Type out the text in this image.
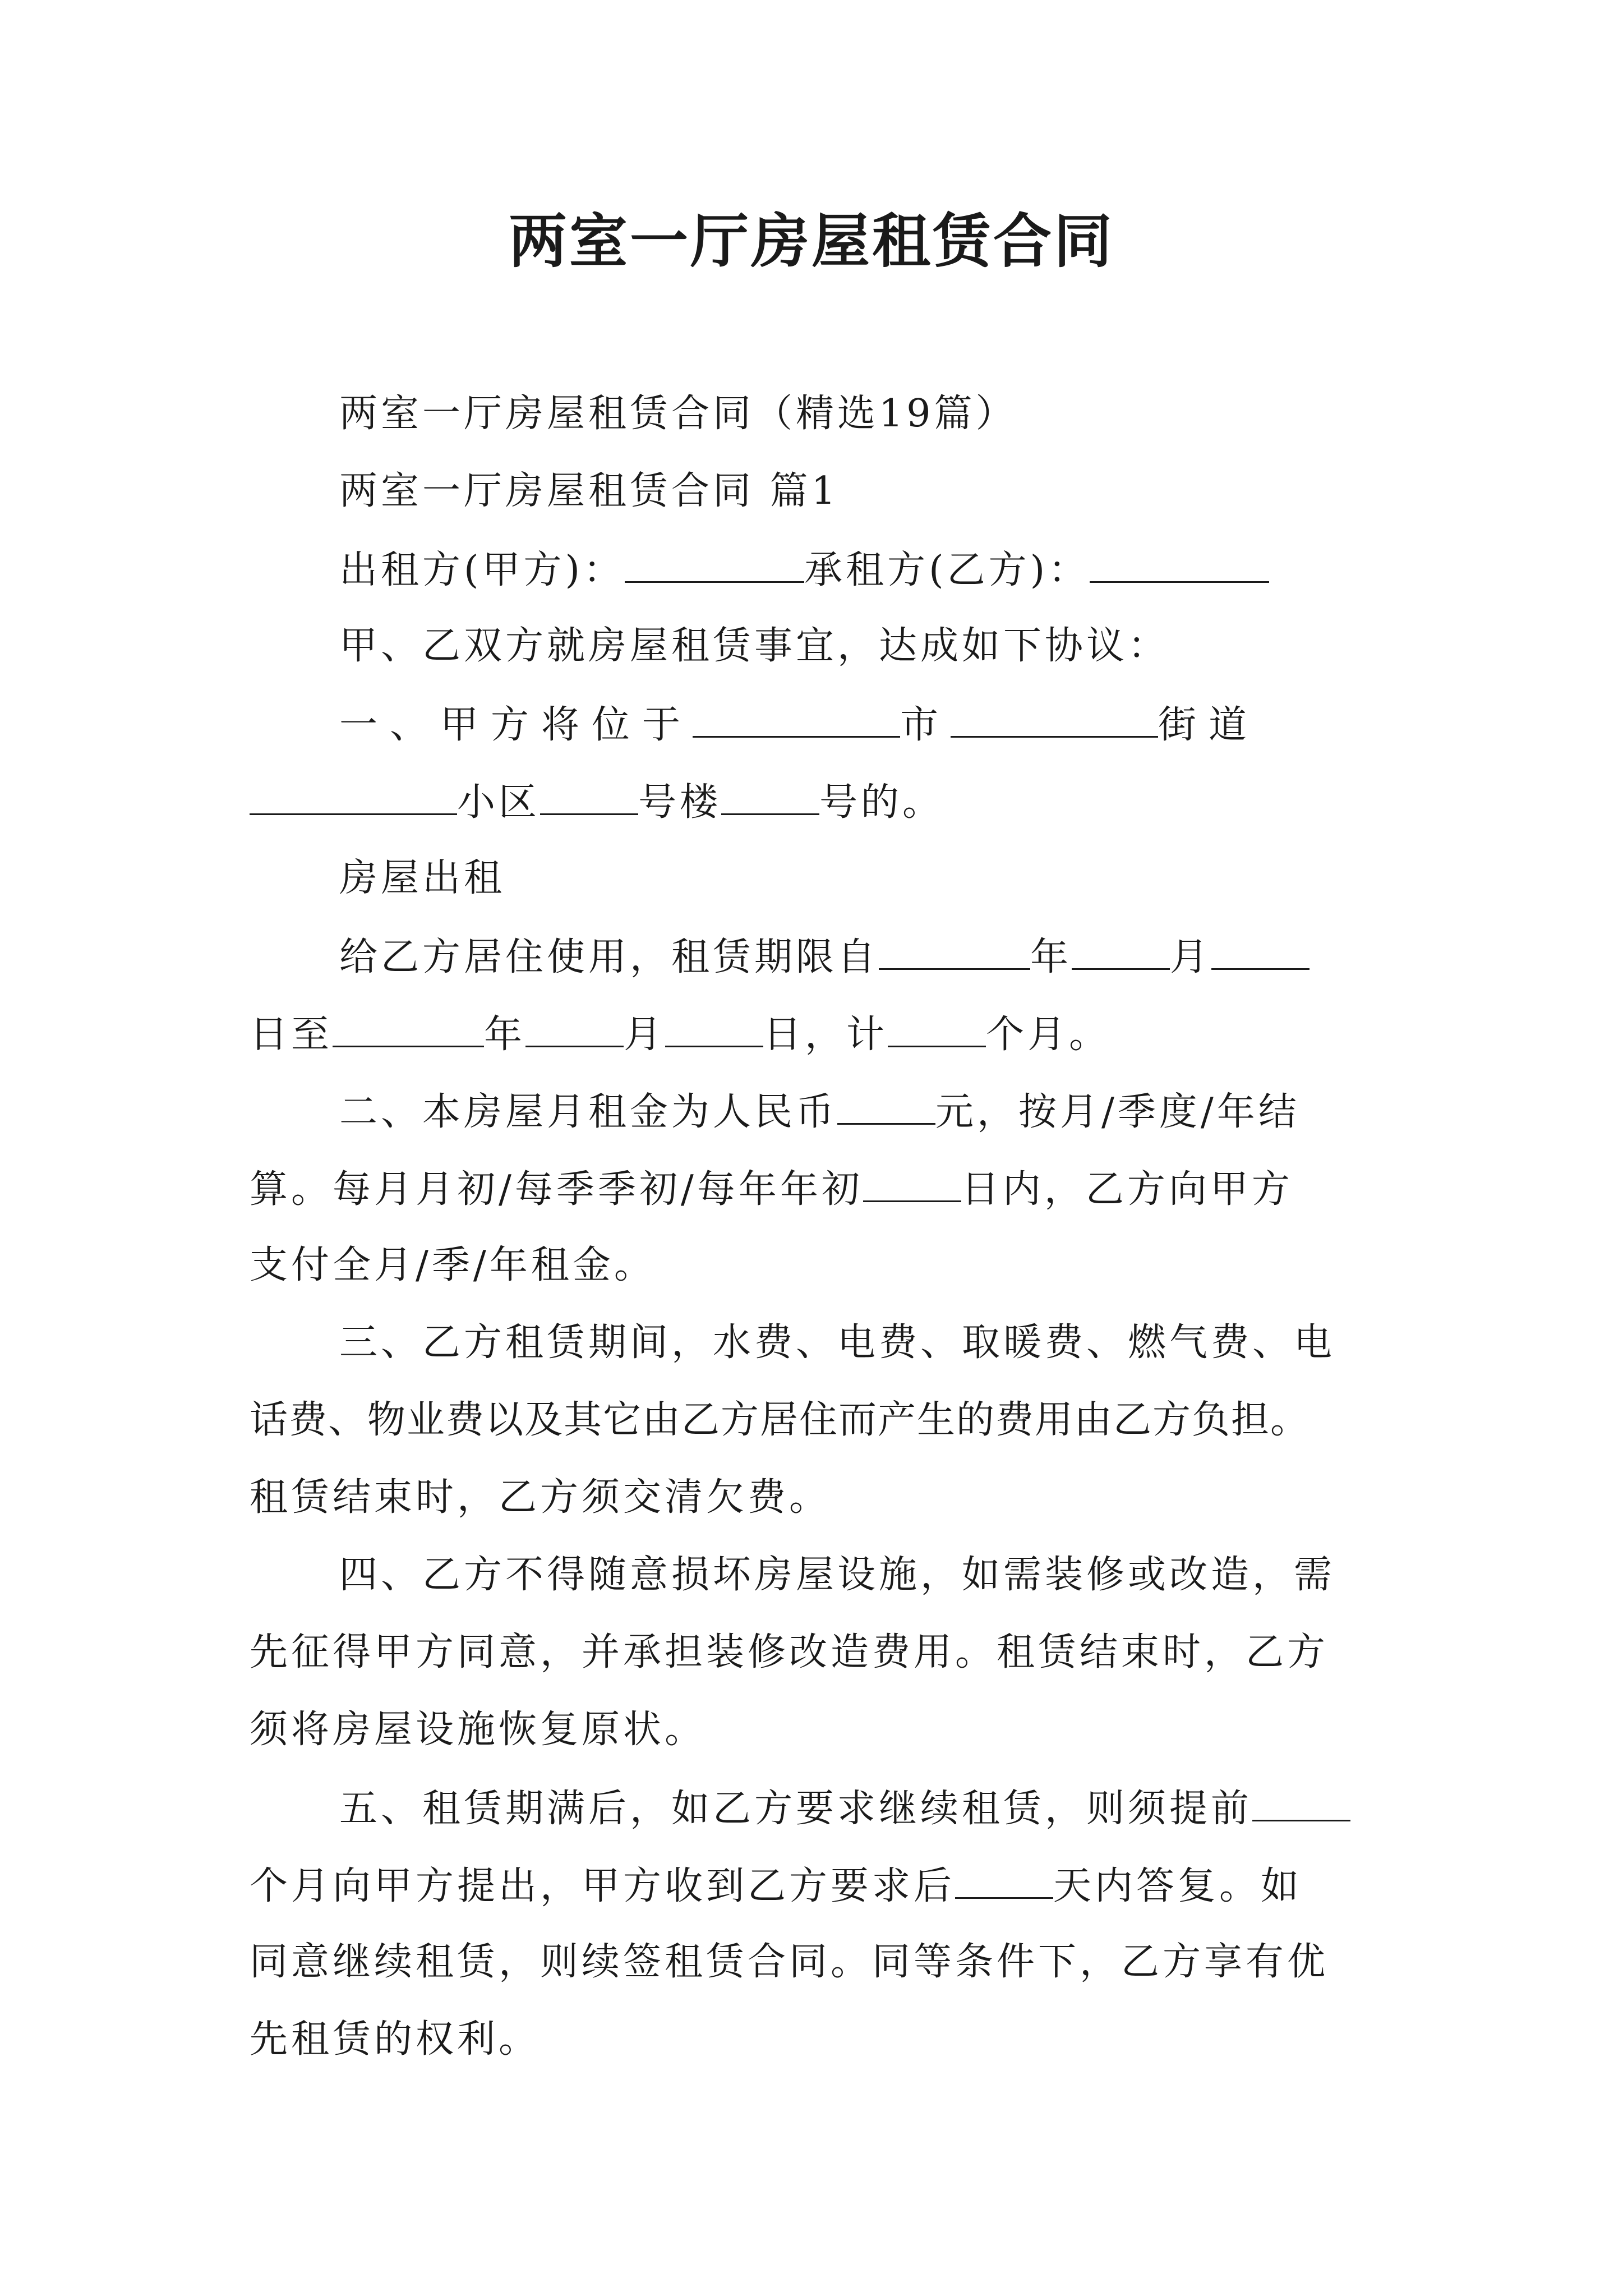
两室一厅房屋租赁合同
两室一厅房屋租赁合同（精选19篇）
两室一厅房屋租赁合同 篇1
出租方(甲方)：	承租方(乙方)：
甲、乙双方就房屋租赁事宜，达成如下协议：
一、甲方将位于	市	街道
小区	号楼	号的。
房屋出租
给乙方居住使用，租赁期限自	年	月
日至	年	月	日，计	个月。
二、本房屋月租金为人民币	元，按月/季度/年结
算。每月月初/每季季初/每年年初	日内，乙方向甲方
支付全月/季/年租金。
三、乙方租赁期间，水费、电费、取暖费、燃气费、电
话费、物业费以及其它由乙方居住而产生的费用由乙方负担。
租赁结束时，乙方须交清欠费。
四、乙方不得随意损坏房屋设施，如需装修或改造，需
先征得甲方同意，并承担装修改造费用。租赁结束时，乙方
须将房屋设施恢复原状。
五、租赁期满后，如乙方要求继续租赁，则须提前
个月向甲方提出，甲方收到乙方要求后	天内答复。如
同意继续租赁，则续签租赁合同。同等条件下，乙方享有优
先租赁的权利。
